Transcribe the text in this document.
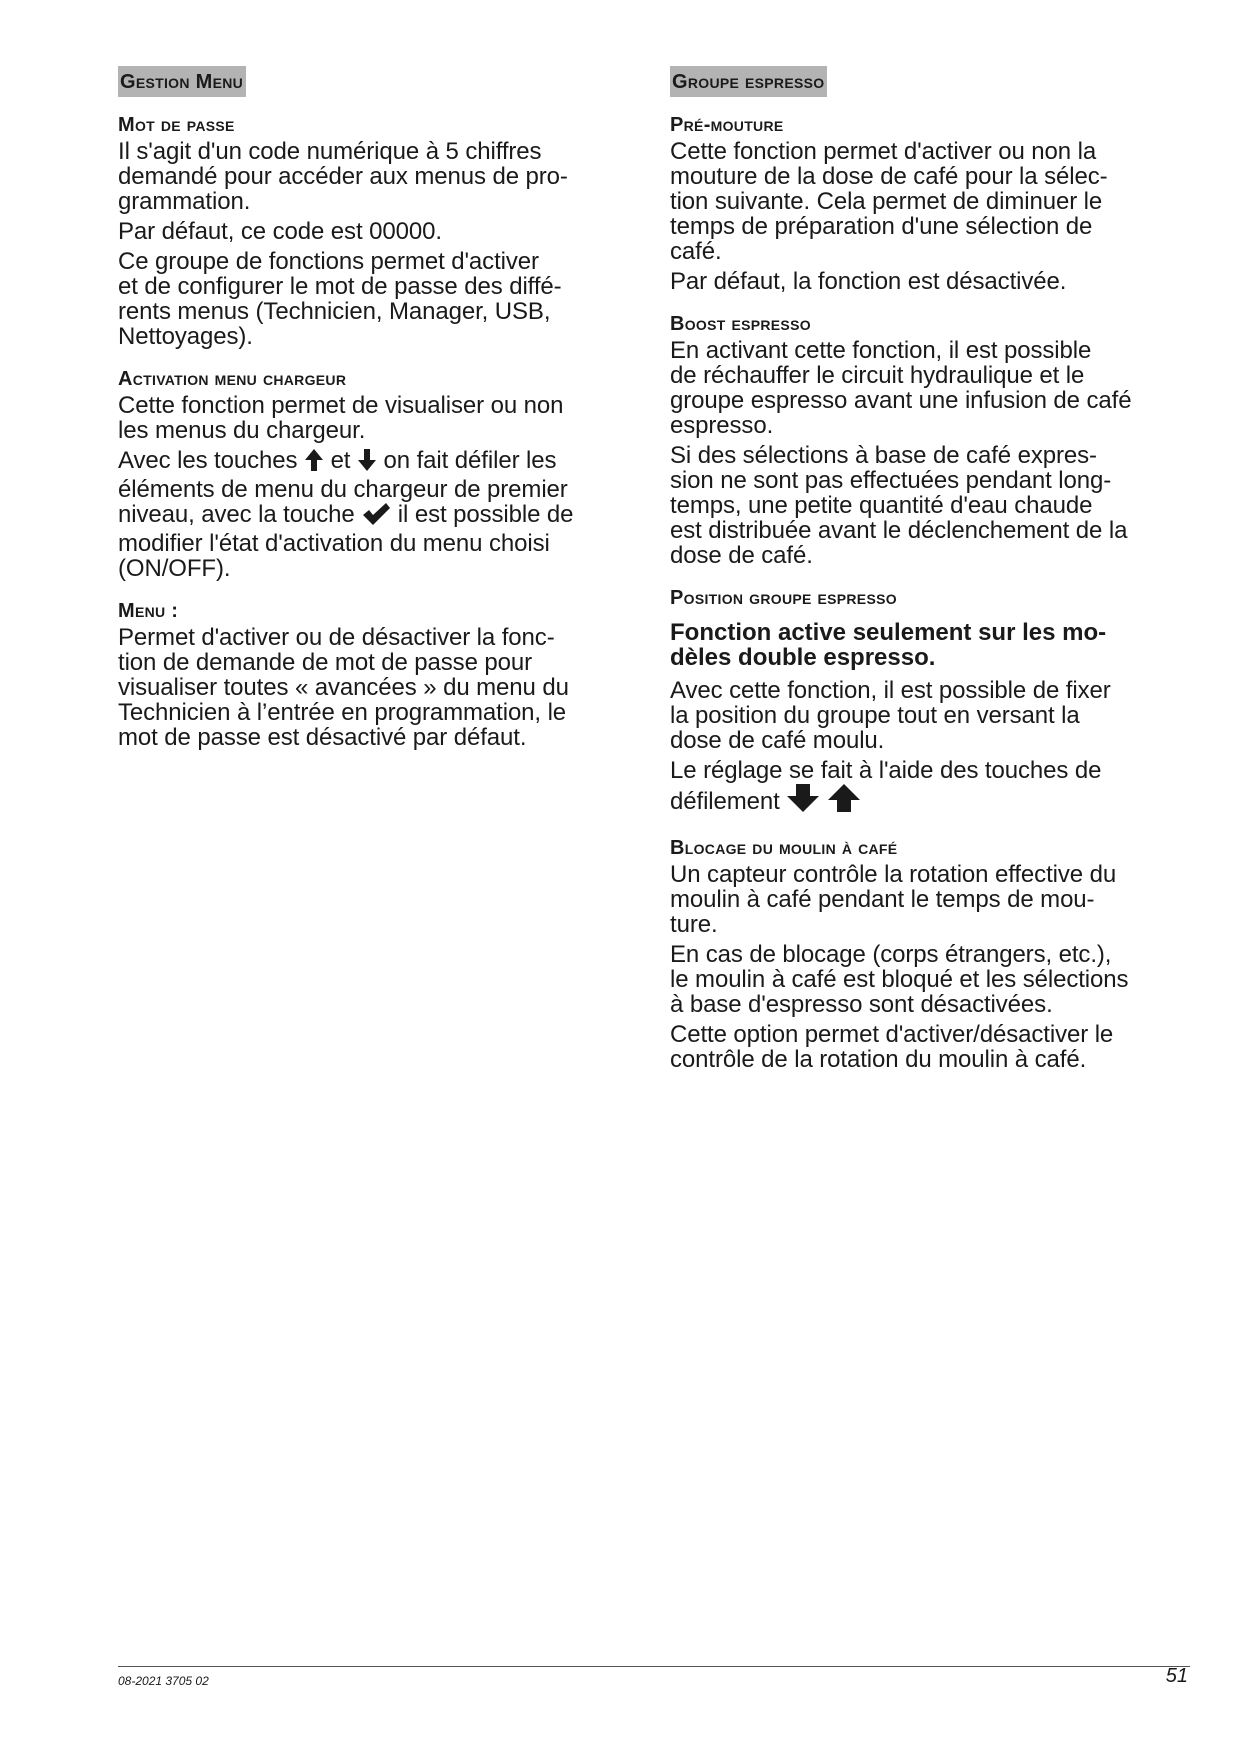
Gestion Menu
Mot de passe

Il s'agit d'un code numérique à 5 chiffres
demandé pour accéder aux menus de pro-
grammation.

Par défaut, ce code est 00000.

Ce groupe de fonctions permet d'activer
et de configurer le mot de passe des diffé-
rents menus (Technicien, Manager, USB,
Nettoyages).

Activation menu chargeur

Cette fonction permet de visualiser ou non
les menus du chargeur.

Avec les touches et on fait défiler les
éléments de menu du chargeur de premier
niveau, avec la touche il est possible de
modifier l'état d'activation du menu choisi
(ON/OFF).

Menu :

Permet d'activer ou de désactiver la fonc-
tion de demande de mot de passe pour
visualiser toutes « avancées » du menu du
Technicien à l’entrée en programmation, le
mot de passe est désactivé par défaut.

Groupe espresso
Pré-mouture

Cette fonction permet d'activer ou non la
mouture de la dose de café pour la sélec-
tion suivante. Cela permet de diminuer le
temps de préparation d'une sélection de
café.

Par défaut, la fonction est désactivée.

Boost espresso

En activant cette fonction, il est possible
de réchauffer le circuit hydraulique et le
groupe espresso avant une infusion de café
espresso.

Si des sélections à base de café expres-
sion ne sont pas effectuées pendant long-
temps, une petite quantité d'eau chaude
est distribuée avant le déclenchement de la
dose de café.

Position groupe espresso
Fonction active seulement sur les mo-
dèles double espresso.

Avec cette fonction, il est possible de fixer
la position du groupe tout en versant la
dose de café moulu.

Le réglage se fait à l'aide des touches de
défilement

Blocage du moulin à café

Un capteur contrôle la rotation effective du
moulin à café pendant le temps de mou-
ture.

En cas de blocage (corps étrangers, etc.),
le moulin à café est bloqué et les sélections
à base d'espresso sont désactivées.

Cette option permet d'activer/désactiver le
contrôle de la rotation du moulin à café.

08-2021 3705 02	51
